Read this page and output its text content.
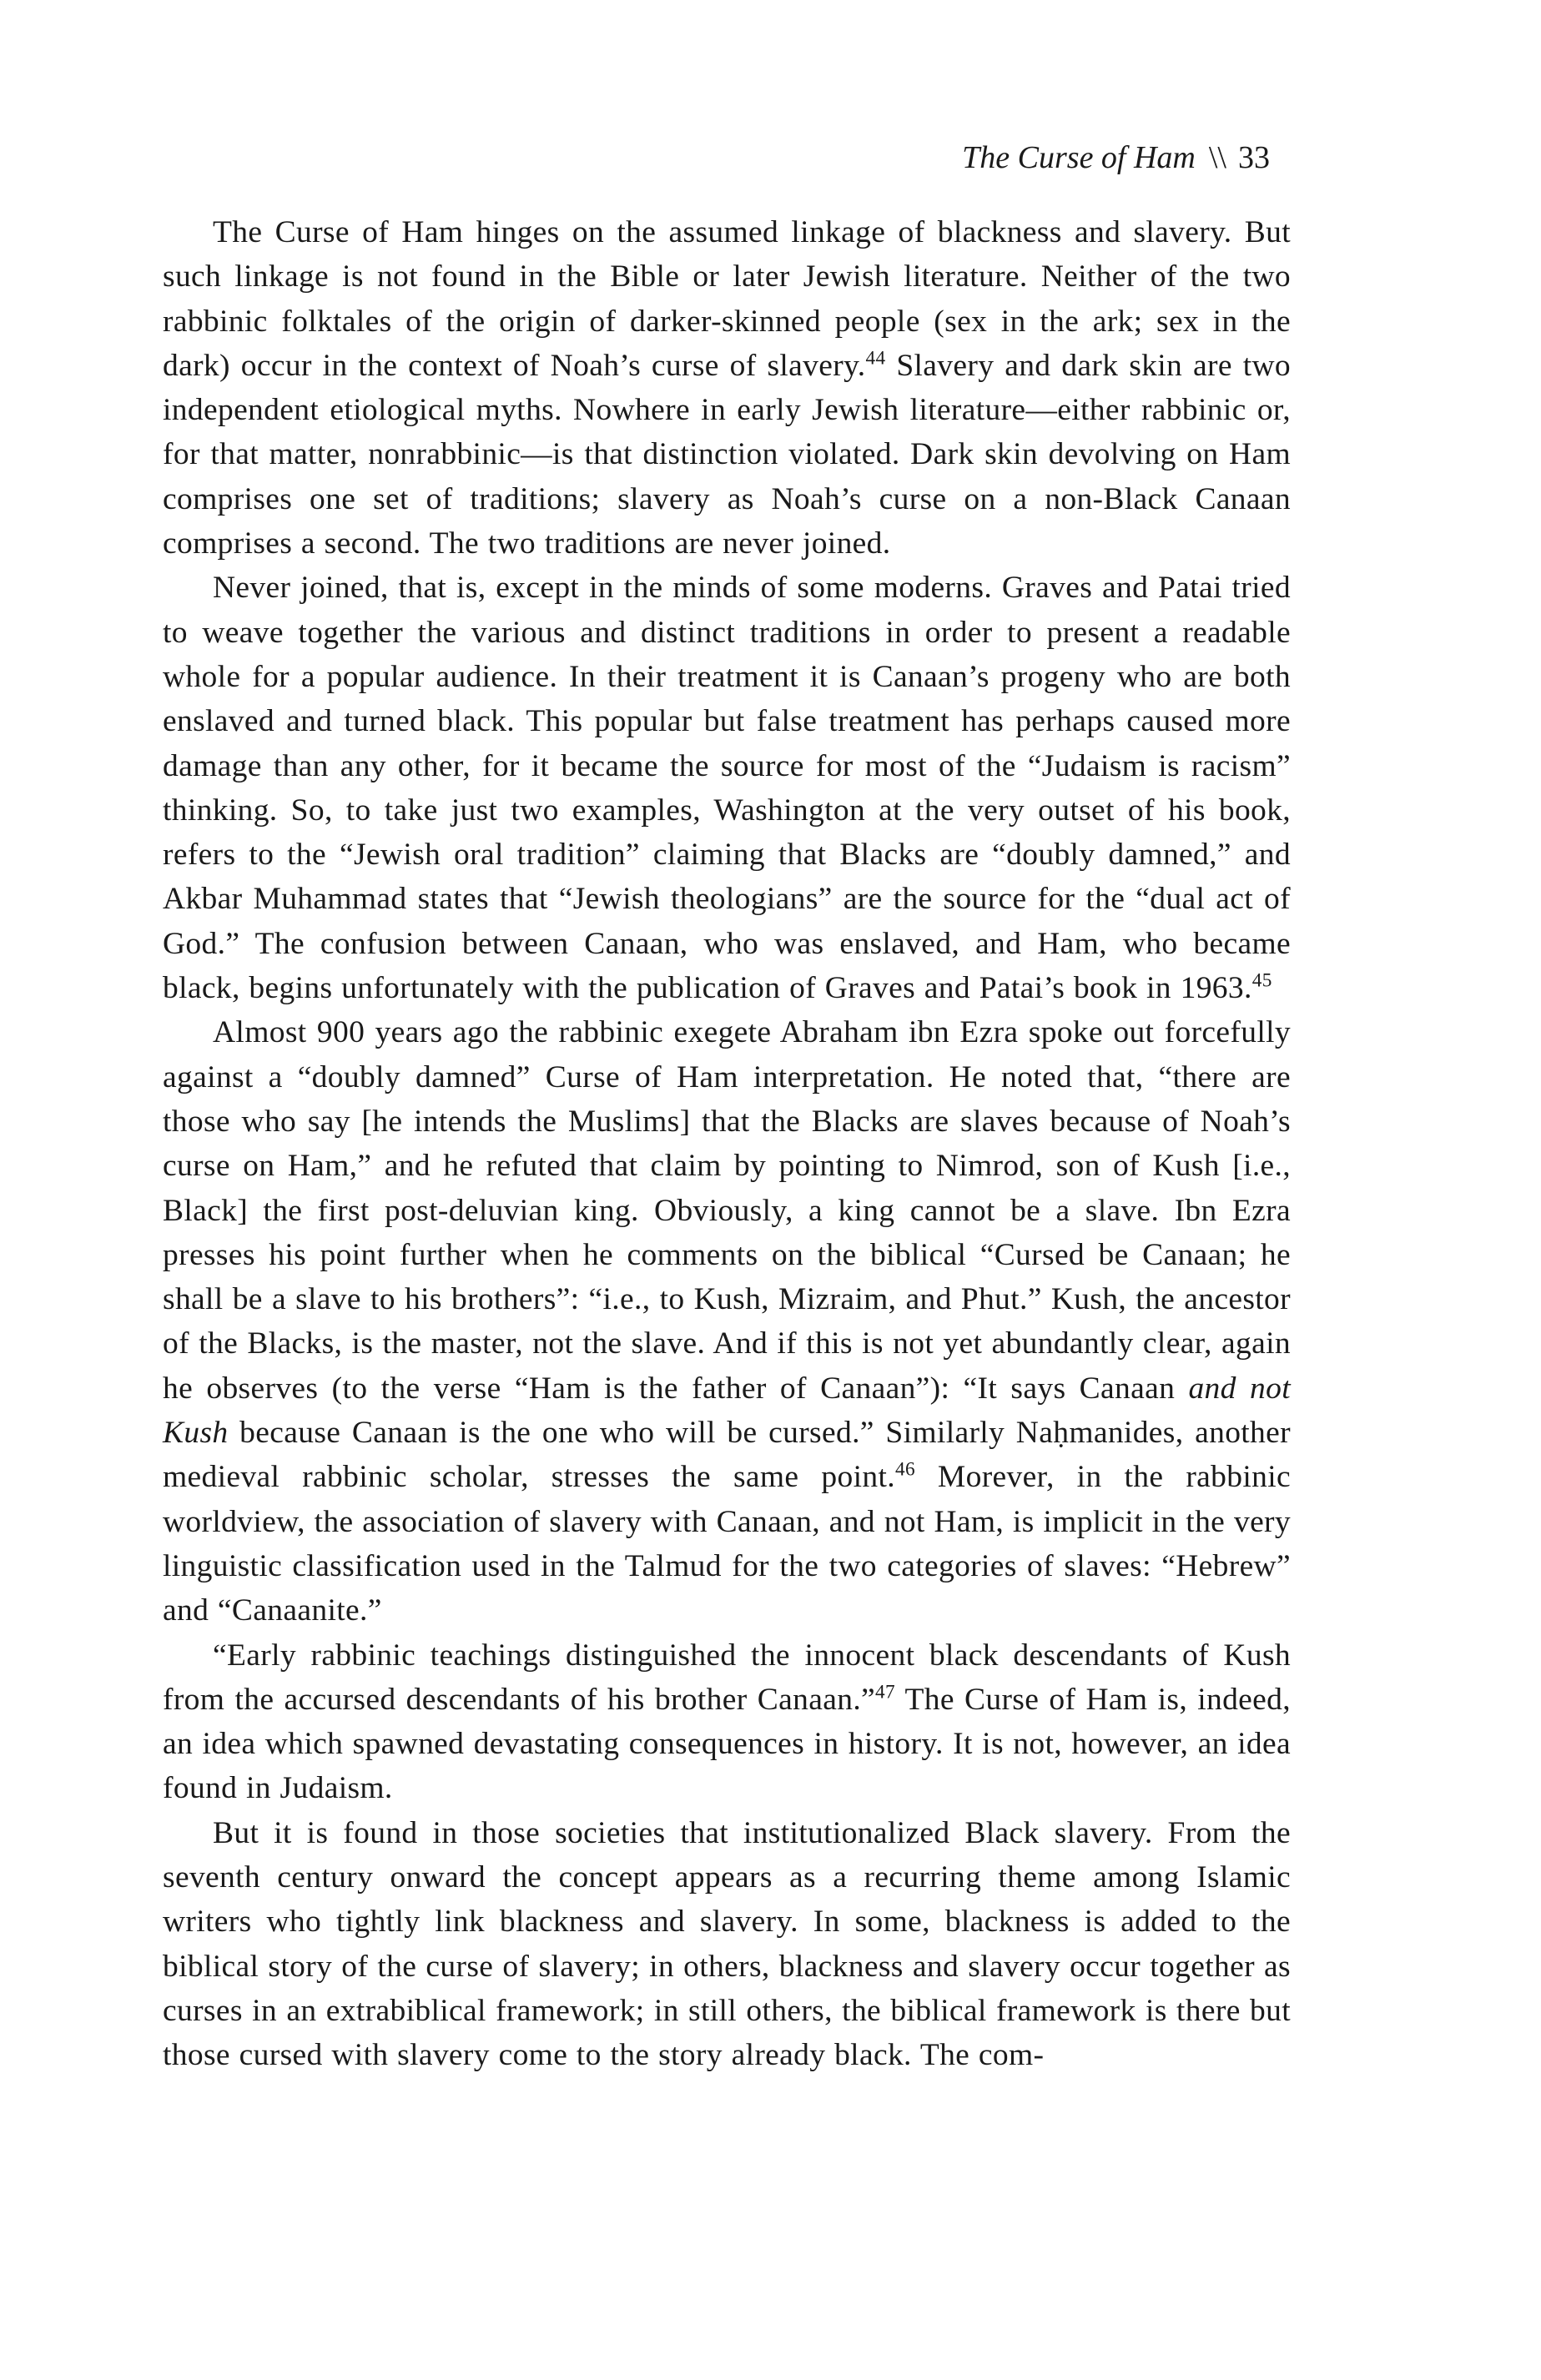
The Curse of Ham \\ 33

The Curse of Ham hinges on the assumed linkage of blackness and slavery. But such linkage is not found in the Bible or later Jewish literature. Neither of the two rabbinic folktales of the origin of darker-skinned people (sex in the ark; sex in the dark) occur in the context of Noah’s curse of slavery.$^{44}$ Slavery and dark skin are two independent etiological myths. Nowhere in early Jewish literature—either rabbinic or, for that matter, nonrabbinic—is that distinction violated. Dark skin devolving on Ham comprises one set of traditions; slavery as Noah’s curse on a non-Black Canaan comprises a second. The two traditions are never joined.

Never joined, that is, except in the minds of some moderns. Graves and Patai tried to weave together the various and distinct traditions in order to present a readable whole for a popular audience. In their treatment it is Canaan’s progeny who are both enslaved and turned black. This popular but false treatment has perhaps caused more damage than any other, for it became the source for most of the “Judaism is racism” thinking. So, to take just two examples, Washington at the very outset of his book, refers to the “Jewish oral tradition” claiming that Blacks are “doubly damned,” and Akbar Muhammad states that “Jewish theologians” are the source for the “dual act of God.” The confusion between Canaan, who was enslaved, and Ham, who became black, begins unfortunately with the publication of Graves and Patai’s book in 1963.45

Almost 900 years ago the rabbinic exegete Abraham ibn Ezra spoke out forcefully against a “doubly damned” Curse of Ham interpretation. He noted that, “there are those who say [he intends the Muslims] that the Blacks are slaves because of Noah’s curse on Ham,” and he refuted that claim by pointing to Nimrod, son of Kush [i.e., Black] the first post-deluvian king. Obviously, a king cannot be a slave. Ibn Ezra presses his point further when he comments on the biblical “Cursed be Canaan; he shall be a slave to his brothers”: “i.e., to Kush, Mizraim, and Phut.” Kush, the ancestor of the Blacks, is the master, not the slave. And if this is not yet abundantly clear, again he observes (to the verse “Ham is the father of Canaan”): “It says Canaan and not Kush because Canaan is the one who will be cursed.” Similarly Naḥmanides, another medieval rabbinic scholar, stresses the same point.$^{46}$ Morever, in the rabbinic worldview, the association of slavery with Canaan, and not Ham, is implicit in the very linguistic classification used in the Talmud for the two categories of slaves: “Hebrew” and “Canaanite.”

“Early rabbinic teachings distinguished the innocent black descendants of Kush from the accursed descendants of his brother Canaan.”$^{47}$ The Curse of Ham is, indeed, an idea which spawned devastating consequences in history. It is not, however, an idea found in Judaism.

But it is found in those societies that institutionalized Black slavery. From the seventh century onward the concept appears as a recurring theme among Islamic writers who tightly link blackness and slavery. In some, blackness is added to the biblical story of the curse of slavery; in others, blackness and slavery occur together as curses in an extrabiblical framework; in still others, the biblical framework is there but those cursed with slavery come to the story already black. The com-
